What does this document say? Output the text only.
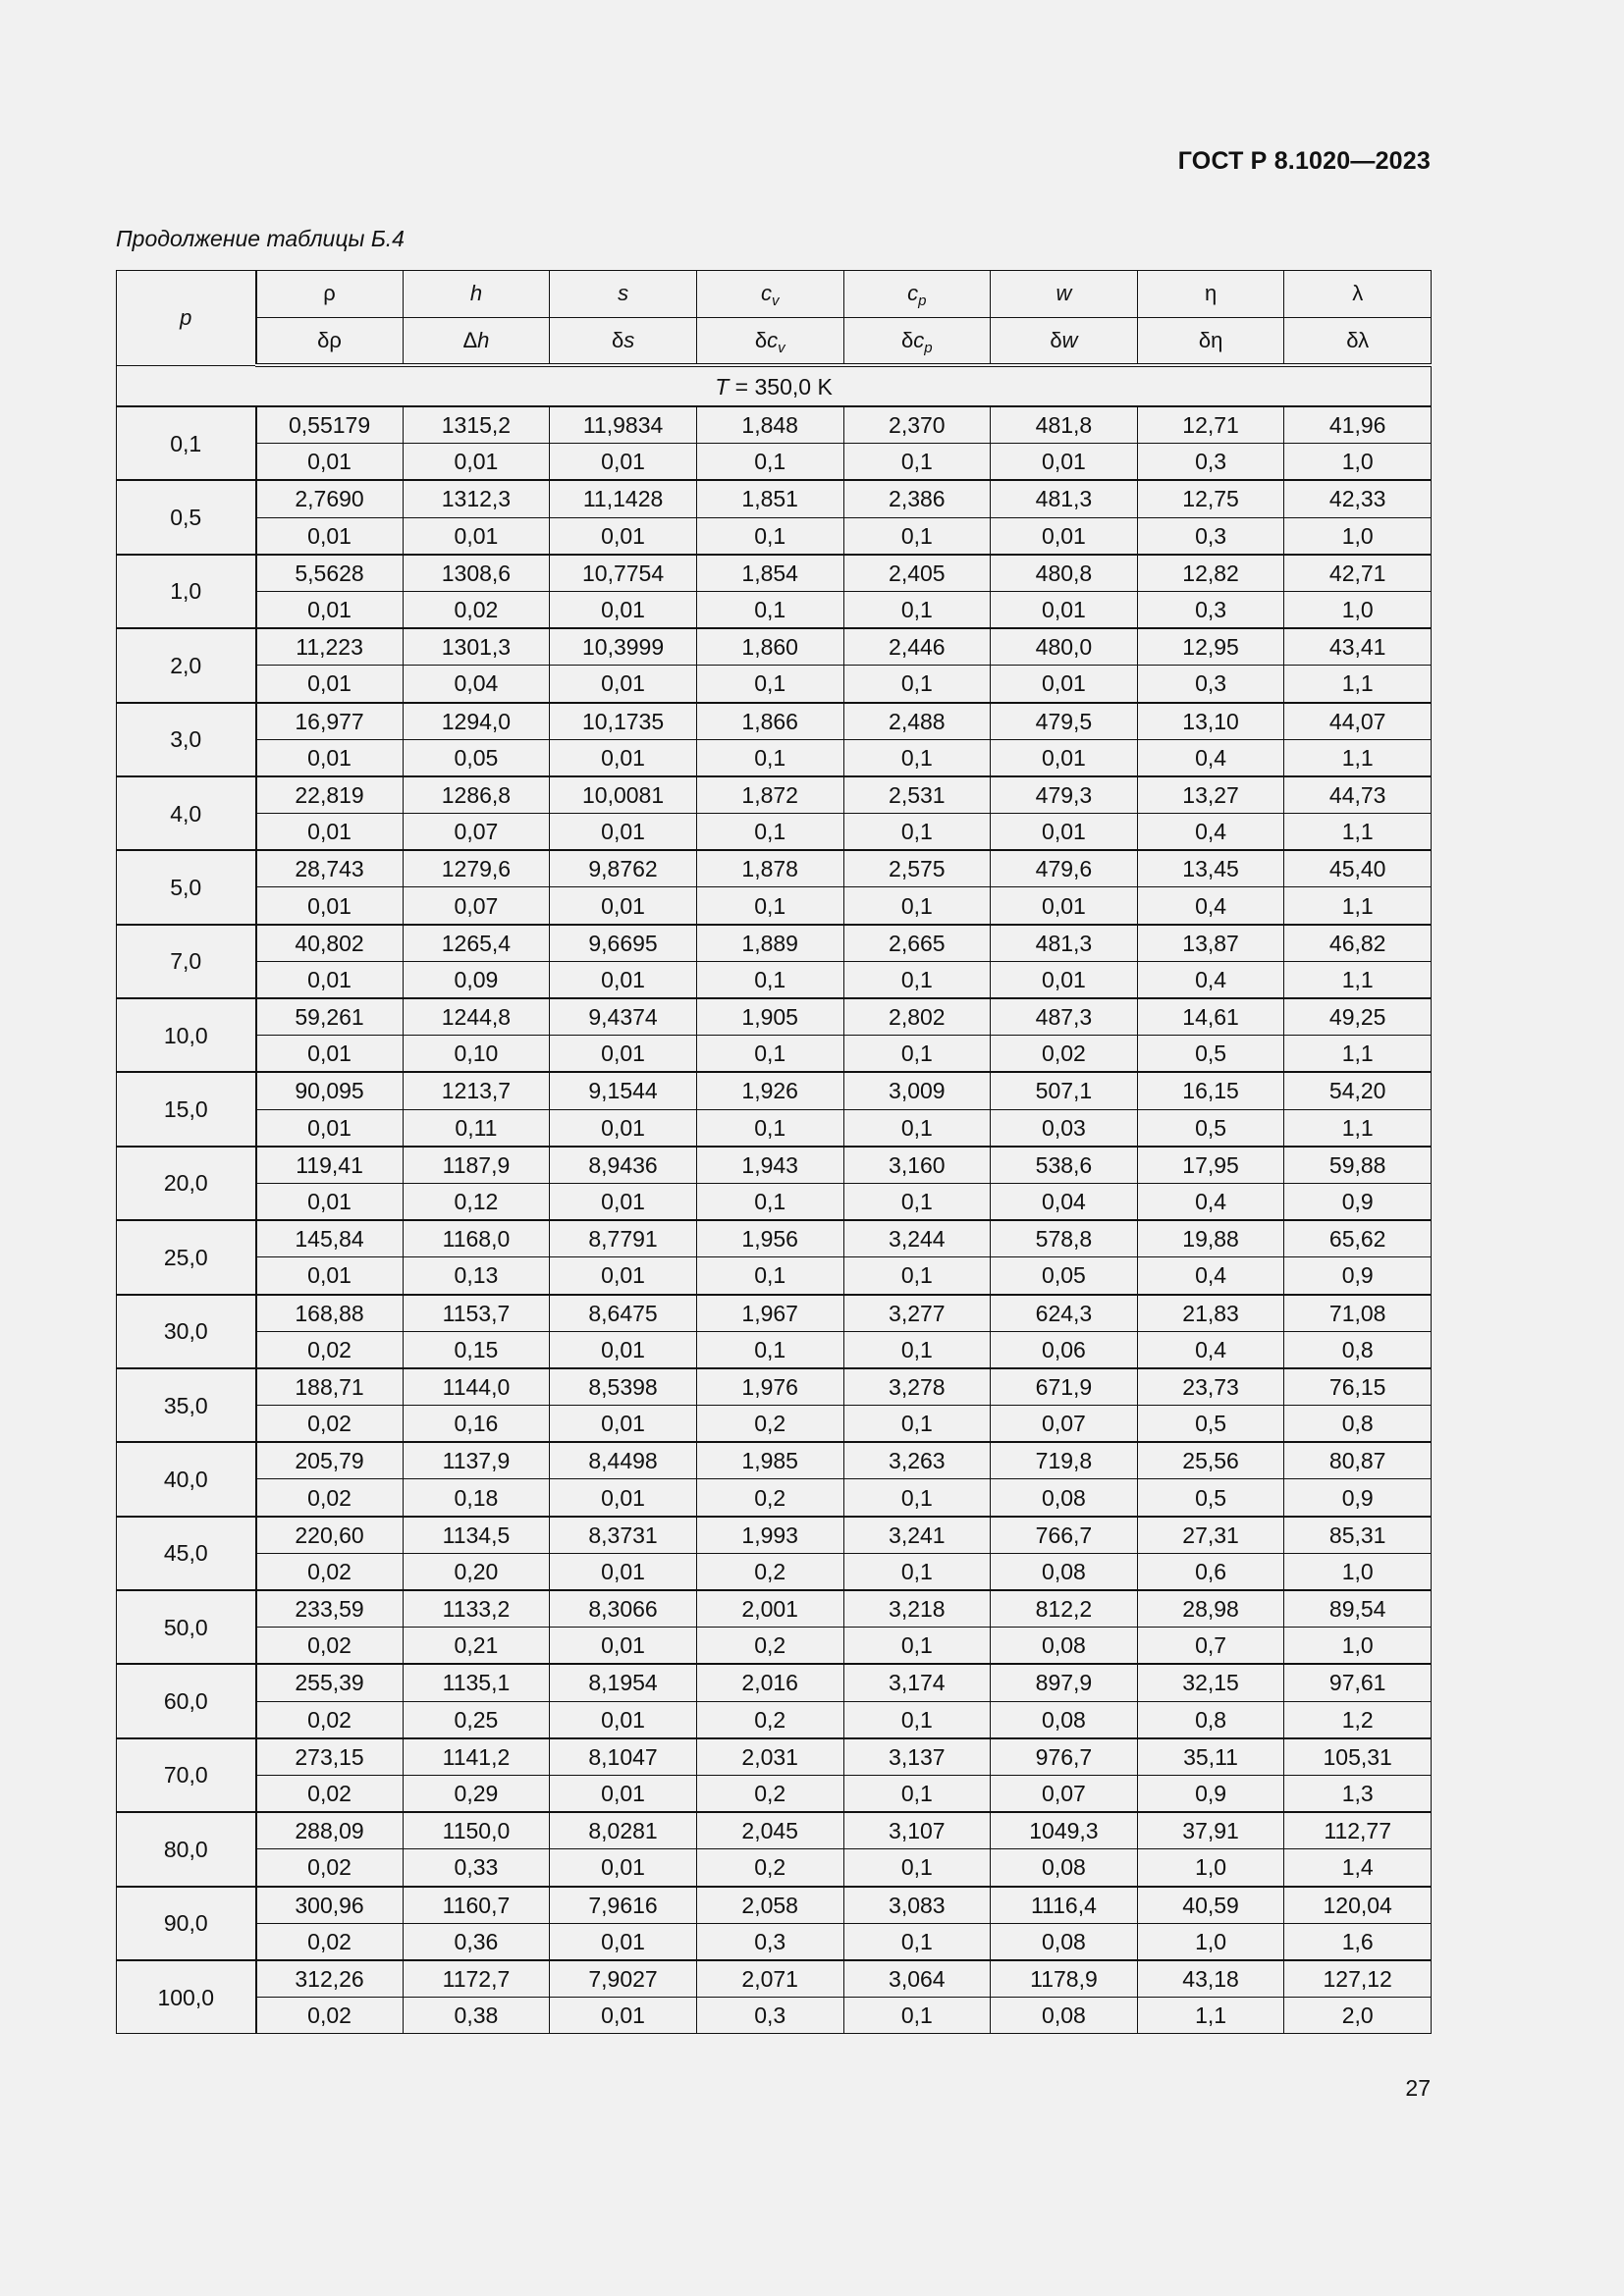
ГОСТ Р 8.1020—2023
Продолжение таблицы Б.4
p	ρ	h	s	$c_v$	$c_p$	w	η	λ
	δρ	Δh	δs	$\delta c_v$	$\delta c_p$	δw	δη	δλ
T = 350,0 K								
0,1	0,55179	1315,2	11,9834	1,848	2,370	481,8	12,71	41,96
	0,01	0,01	0,01	0,1	0,1	0,01	0,3	1,0
0,5	2,7690	1312,3	11,1428	1,851	2,386	481,3	12,75	42,33
	0,01	0,01	0,01	0,1	0,1	0,01	0,3	1,0
1,0	5,5628	1308,6	10,7754	1,854	2,405	480,8	12,82	42,71
	0,01	0,02	0,01	0,1	0,1	0,01	0,3	1,0
2,0	11,223	1301,3	10,3999	1,860	2,446	480,0	12,95	43,41
	0,01	0,04	0,01	0,1	0,1	0,01	0,3	1,1
3,0	16,977	1294,0	10,1735	1,866	2,488	479,5	13,10	44,07
	0,01	0,05	0,01	0,1	0,1	0,01	0,4	1,1
4,0	22,819	1286,8	10,0081	1,872	2,531	479,3	13,27	44,73
	0,01	0,07	0,01	0,1	0,1	0,01	0,4	1,1
5,0	28,743	1279,6	9,8762	1,878	2,575	479,6	13,45	45,40
	0,01	0,07	0,01	0,1	0,1	0,01	0,4	1,1
7,0	40,802	1265,4	9,6695	1,889	2,665	481,3	13,87	46,82
	0,01	0,09	0,01	0,1	0,1	0,01	0,4	1,1
10,0	59,261	1244,8	9,4374	1,905	2,802	487,3	14,61	49,25
	0,01	0,10	0,01	0,1	0,1	0,02	0,5	1,1
15,0	90,095	1213,7	9,1544	1,926	3,009	507,1	16,15	54,20
	0,01	0,11	0,01	0,1	0,1	0,03	0,5	1,1
20,0	119,41	1187,9	8,9436	1,943	3,160	538,6	17,95	59,88
	0,01	0,12	0,01	0,1	0,1	0,04	0,4	0,9
25,0	145,84	1168,0	8,7791	1,956	3,244	578,8	19,88	65,62
	0,01	0,13	0,01	0,1	0,1	0,05	0,4	0,9
30,0	168,88	1153,7	8,6475	1,967	3,277	624,3	21,83	71,08
	0,02	0,15	0,01	0,1	0,1	0,06	0,4	0,8
35,0	188,71	1144,0	8,5398	1,976	3,278	671,9	23,73	76,15
	0,02	0,16	0,01	0,2	0,1	0,07	0,5	0,8
40,0	205,79	1137,9	8,4498	1,985	3,263	719,8	25,56	80,87
	0,02	0,18	0,01	0,2	0,1	0,08	0,5	0,9
45,0	220,60	1134,5	8,3731	1,993	3,241	766,7	27,31	85,31
	0,02	0,20	0,01	0,2	0,1	0,08	0,6	1,0
50,0	233,59	1133,2	8,3066	2,001	3,218	812,2	28,98	89,54
	0,02	0,21	0,01	0,2	0,1	0,08	0,7	1,0
60,0	255,39	1135,1	8,1954	2,016	3,174	897,9	32,15	97,61
	0,02	0,25	0,01	0,2	0,1	0,08	0,8	1,2
70,0	273,15	1141,2	8,1047	2,031	3,137	976,7	35,11	105,31
	0,02	0,29	0,01	0,2	0,1	0,07	0,9	1,3
80,0	288,09	1150,0	8,0281	2,045	3,107	1049,3	37,91	112,77
	0,02	0,33	0,01	0,2	0,1	0,08	1,0	1,4
90,0	300,96	1160,7	7,9616	2,058	3,083	1116,4	40,59	120,04
	0,02	0,36	0,01	0,3	0,1	0,08	1,0	1,6
100,0	312,26	1172,7	7,9027	2,071	3,064	1178,9	43,18	127,12
	0,02	0,38	0,01	0,3	0,1	0,08	1,1	2,0
27
